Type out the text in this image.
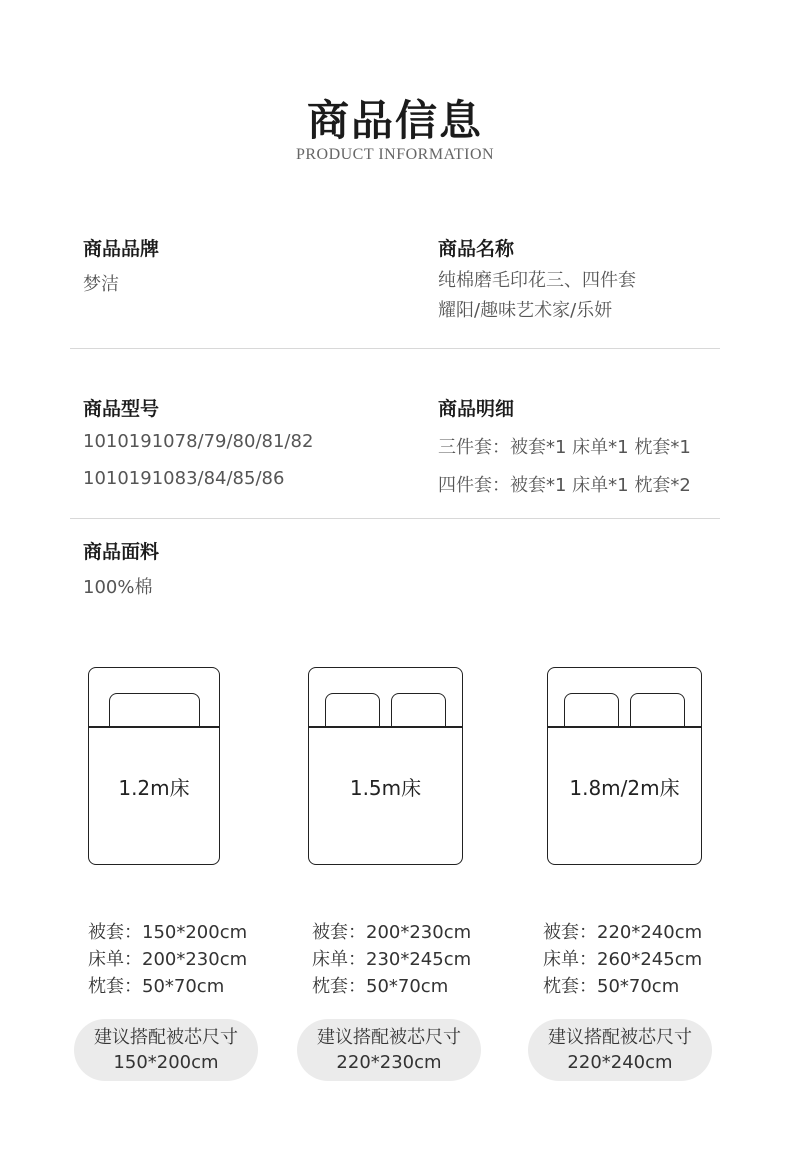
商品信息
PRODUCT INFORMATION
商品品牌
梦洁
商品名称
纯棉磨毛印花三、四件套
耀阳/趣味艺术家/乐妍
商品型号
1010191078/79/80/81/82
1010191083/84/85/86
商品明细
三件套：被套*1 床单*1 枕套*1
四件套：被套*1 床单*1 枕套*2
商品面料
100%棉
1.2m床	1.5m床	1.8m/2m床
被套：150*200cm
床单：200*230cm
枕套：50*70cm
被套：200*230cm
床单：230*245cm
枕套：50*70cm
被套：220*240cm
床单：260*245cm
枕套：50*70cm
建议搭配被芯尺寸
150*200cm
建议搭配被芯尺寸
220*230cm
建议搭配被芯尺寸
220*240cm
